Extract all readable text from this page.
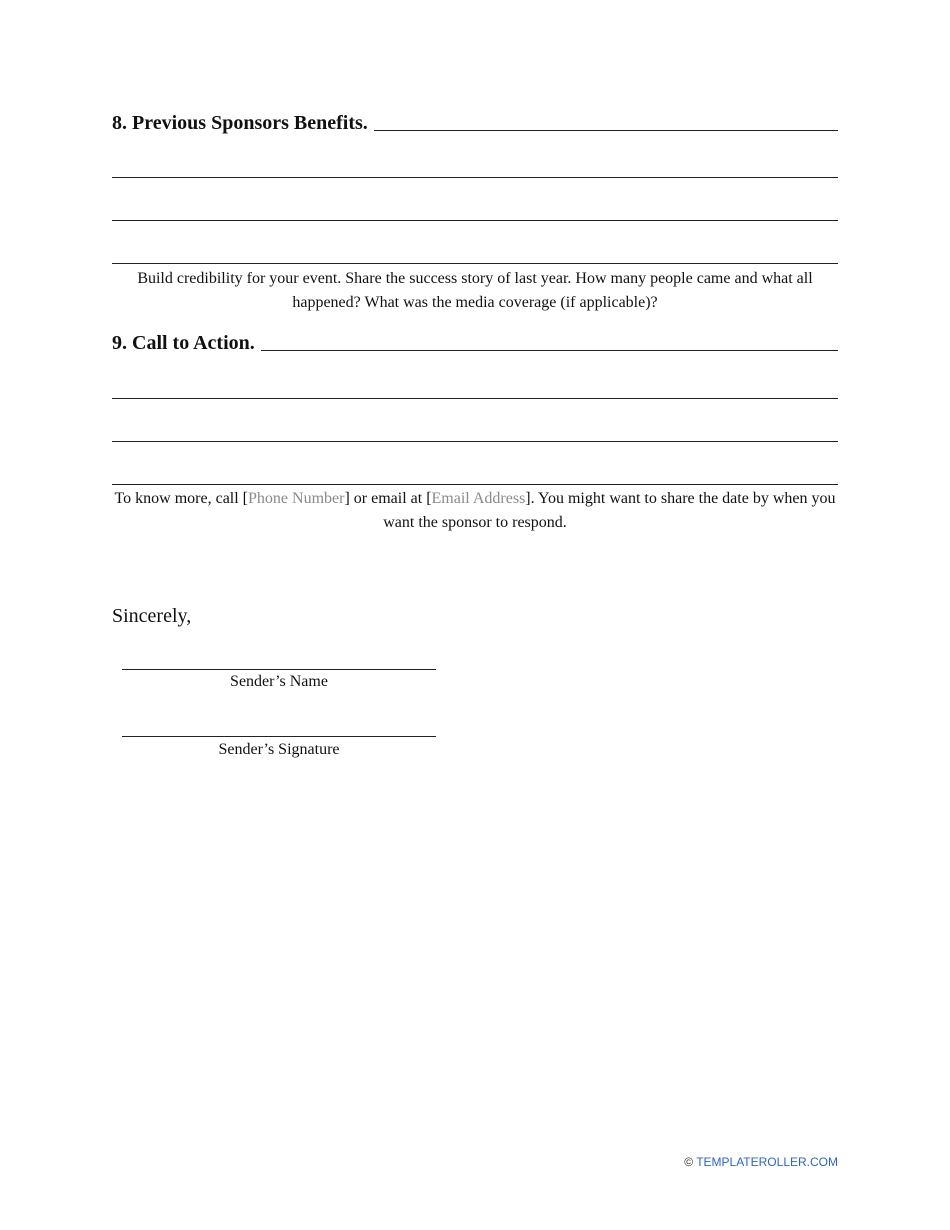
8. Previous Sponsors Benefits.
Build credibility for your event. Share the success story of last year. How many people came and what all happened? What was the media coverage (if applicable)?
9. Call to Action.
To know more, call [Phone Number] or email at [Email Address]. You might want to share the date by when you want the sponsor to respond.
Sincerely,
Sender’s Name
Sender’s Signature
© TEMPLATEROLLER.COM
